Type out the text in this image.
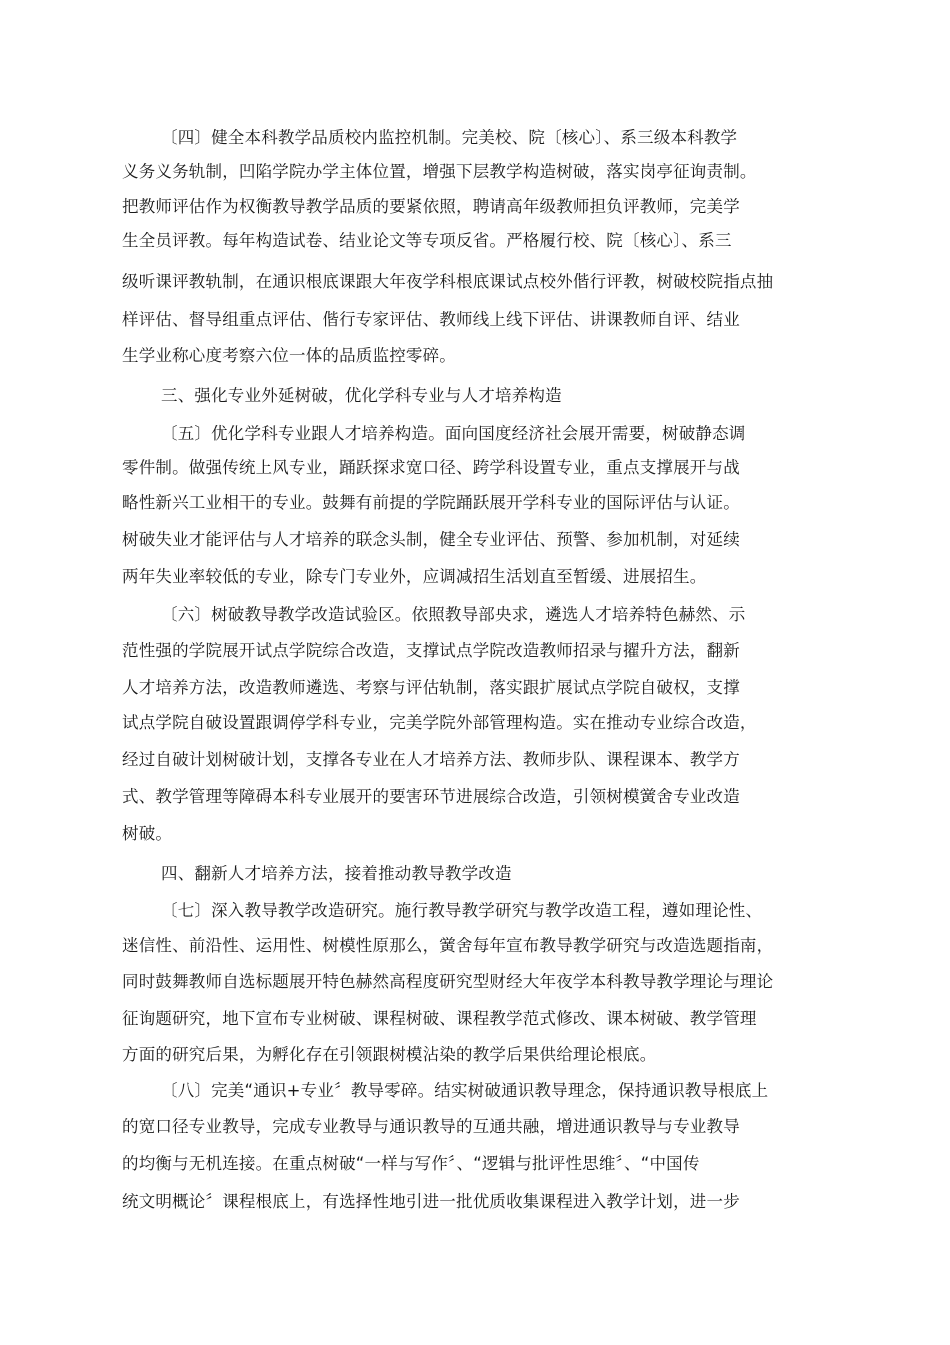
〔四〕健全本科教学品质校内监控机制。完美校、院〔核心〕、系三级本科教学
义务义务轨制，凹陷学院办学主体位置，增强下层教学构造树破，落实岗亭征询责制。
把教师评估作为权衡教导教学品质的要紧依照，聘请高年级教师担负评教师，完美学
生全员评教。每年构造试卷、结业论文等专项反省。严格履行校、院〔核心〕、系三
级听课评教轨制，在通识根底课跟大年夜学科根底课试点校外偕行评教，树破校院指点抽
样评估、督导组重点评估、偕行专家评估、教师线上线下评估、讲课教师自评、结业
生学业称心度考察六位一体的品质监控零碎。
三、强化专业外延树破，优化学科专业与人才培养构造
〔五〕优化学科专业跟人才培养构造。面向国度经济社会展开需要，树破静态调
零件制。做强传统上风专业，踊跃探求宽口径、跨学科设置专业，重点支撑展开与战
略性新兴工业相干的专业。鼓舞有前提的学院踊跃展开学科专业的国际评估与认证。
树破失业才能评估与人才培养的联念头制，健全专业评估、预警、参加机制，对延续
两年失业率较低的专业，除专门专业外，应调减招生活划直至暂缓、进展招生。
〔六〕树破教导教学改造试验区。依照教导部央求，遴选人才培养特色赫然、示
范性强的学院展开试点学院综合改造，支撑试点学院改造教师招录与擢升方法，翻新
人才培养方法，改造教师遴选、考察与评估轨制，落实跟扩展试点学院自破权，支撑
试点学院自破设置跟调停学科专业，完美学院外部管理构造。实在推动专业综合改造，
经过自破计划树破计划，支撑各专业在人才培养方法、教师步队、课程课本、教学方
式、教学管理等障碍本科专业展开的要害环节进展综合改造，引领树模黉舍专业改造
树破。
四、翻新人才培养方法，接着推动教导教学改造
〔七〕深入教导教学改造研究。施行教导教学研究与教学改造工程，遵如理论性、
迷信性、前沿性、运用性、树模性原那么，黉舍每年宣布教导教学研究与改造选题指南，
同时鼓舞教师自选标题展开特色赫然高程度研究型财经大年夜学本科教导教学理论与理论
征询题研究，地下宣布专业树破、课程树破、课程教学范式修改、课本树破、教学管理
方面的研究后果，为孵化存在引领跟树模沾染的教学后果供给理论根底。
〔八〕完美“通识+专业〞教导零碎。结实树破通识教导理念，保持通识教导根底上
的宽口径专业教导，完成专业教导与通识教导的互通共融，增进通识教导与专业教导
的均衡与无机连接。在重点树破“一样与写作〞、“逻辑与批评性思维〞、“中国传
统文明概论〞课程根底上，有选择性地引进一批优质收集课程进入教学计划，进一步
